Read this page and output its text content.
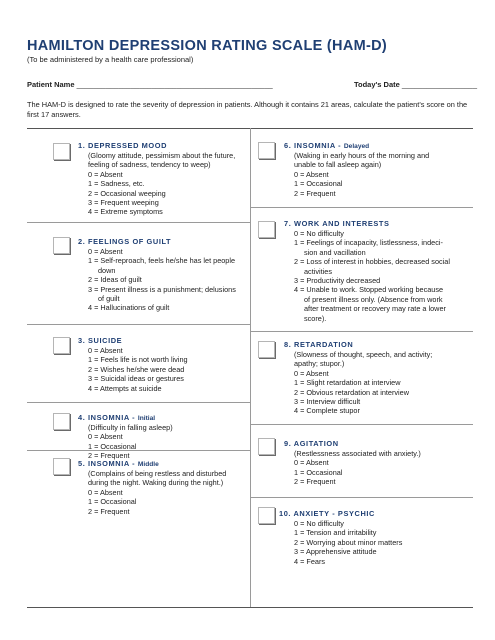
HAMILTON DEPRESSION RATING SCALE (HAM-D)
(To be administered by a health care professional)
Patient Name _______________________________________________	Today's Date __________________
The HAM-D is designed to rate the severity of depression in patients. Although it contains 21 areas, calculate the patient's score on the first 17 answers.
1. DEPRESSED MOOD
(Gloomy attitude, pessimism about the future,
feeling of sadness, tendency to weep)
0 = Absent
1 = Sadness, etc.
2 = Occasional weeping
3 = Frequent weeping
4 = Extreme symptoms
2. FEELINGS OF GUILT
0 = Absent
1 = Self-reproach, feels he/she has let people
down
2 = Ideas of guilt
3 = Present illness is a punishment; delusions
of guilt
4 = Hallucinations of guilt
3. SUICIDE
0 = Absent
1 = Feels life is not worth living
2 = Wishes he/she were dead
3 = Suicidal ideas or gestures
4 = Attempts at suicide
4. INSOMNIA - Initial
(Difficulty in falling asleep)
0 = Absent
1 = Occasional
2 = Frequent
5. INSOMNIA - Middle
(Complains of being restless and disturbed
during the night. Waking during the night.)
0 = Absent
1 = Occasional
2 = Frequent
6. INSOMNIA - Delayed
(Waking in early hours of the morning and
unable to fall asleep again)
0 = Absent
1 = Occasional
2 = Frequent
7. WORK AND INTERESTS
0 = No difficulty
1 = Feelings of incapacity, listlessness, indeci-
sion and vacillation
2 = Loss of interest in hobbies, decreased social
activities
3 = Productivity decreased
4 = Unable to work. Stopped working because
of present illness only. (Absence from work
after treatment or recovery may rate a lower
score).
8. RETARDATION
(Slowness of thought, speech, and activity;
apathy; stupor.)
0 = Absent
1 = Slight retardation at interview
2 = Obvious retardation at interview
3 = Interview difficult
4 = Complete stupor
9. AGITATION
(Restlessness associated with anxiety.)
0 = Absent
1 = Occasional
2 = Frequent
10. ANXIETY - PSYCHIC
0 = No difficulty
1 = Tension and irritability
2 = Worrying about minor matters
3 = Apprehensive attitude
4 = Fears
